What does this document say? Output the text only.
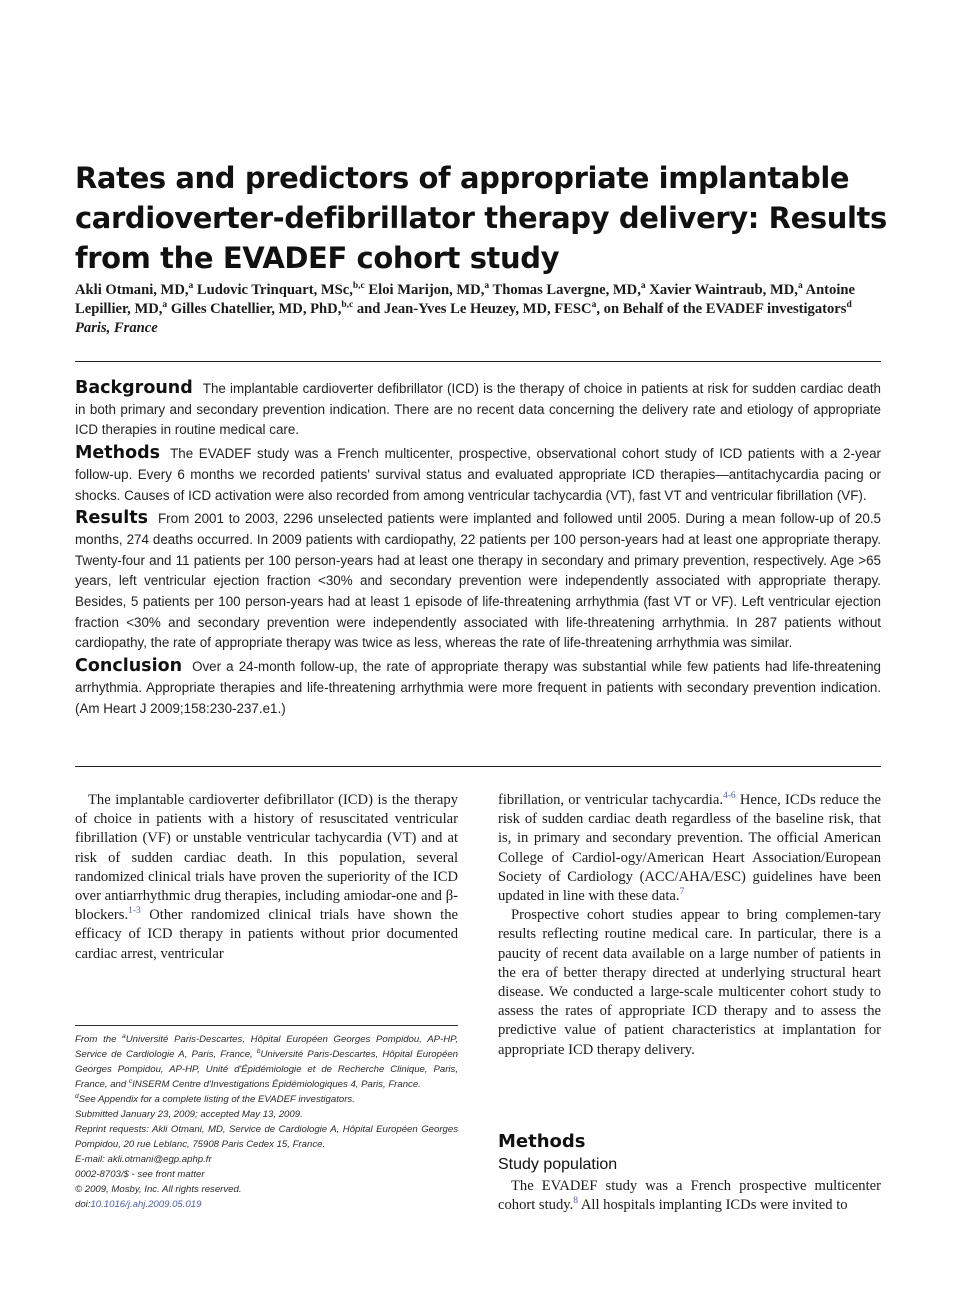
Rates and predictors of appropriate implantable cardioverter-defibrillator therapy delivery: Results from the EVADEF cohort study
Akli Otmani, MD,$^a$ Ludovic Trinquart, MSc,$^{b,c}$ Eloi Marijon, MD,$^a$ Thomas Lavergne, MD,$^a$ Xavier Waintraub, MD,$^a$ Antoine Lepillier, MD,$^a$ Gilles Chatellier, MD, PhD,$^{b,c}$ and Jean-Yves Le Heuzey, MD, FESC$^a$, on Behalf of the EVADEF investigators$^d$ Paris, France

Background The implantable cardioverter defibrillator (ICD) is the therapy of choice in patients at risk for sudden cardiac death in both primary and secondary prevention indication. There are no recent data concerning the delivery rate and etiology of appropriate ICD therapies in routine medical care.

Methods The EVADEF study was a French multicenter, prospective, observational cohort study of ICD patients with a 2-year follow-up. Every 6 months we recorded patients' survival status and evaluated appropriate ICD therapies—antitachycardia pacing or shocks. Causes of ICD activation were also recorded from among ventricular tachycardia (VT), fast VT and ventricular fibrillation (VF).

Results From 2001 to 2003, 2296 unselected patients were implanted and followed until 2005. During a mean follow-up of 20.5 months, 274 deaths occurred. In 2009 patients with cardiopathy, 22 patients per 100 person-years had at least one appropriate therapy. Twenty-four and 11 patients per 100 person-years had at least one therapy in secondary and primary prevention, respectively. Age >65 years, left ventricular ejection fraction <30% and secondary prevention were independently associated with appropriate therapy. Besides, 5 patients per 100 person-years had at least 1 episode of life-threatening arrhythmia (fast VT or VF). Left ventricular ejection fraction <30% and secondary prevention were independently associated with life-threatening arrhythmia. In 287 patients without cardiopathy, the rate of appropriate therapy was twice as less, whereas the rate of life-threatening arrhythmia was similar.

Conclusion Over a 24-month follow-up, the rate of appropriate therapy was substantial while few patients had life-threatening arrhythmia. Appropriate therapies and life-threatening arrhythmia were more frequent in patients with secondary prevention indication. (Am Heart J 2009;158:230-237.e1.)

The implantable cardioverter defibrillator (ICD) is the therapy of choice in patients with a history of resuscitated ventricular fibrillation (VF) or unstable ventricular tachycardia (VT) and at risk of sudden cardiac death. In this population, several randomized clinical trials have proven the superiority of the ICD over antiarrhythmic drug therapies, including amiodar-one and β-blockers.$^{1-3}$ Other randomized clinical trials have shown the efficacy of ICD therapy in patients without prior documented cardiac arrest, ventricular

From the $^a$Université Paris-Descartes, Hôpital Européen Georges Pompidou, AP-HP, Service de Cardiologie A, Paris, France, $^b$Université Paris-Descartes, Hôpital Européen Georges Pompidou, AP-HP, Unité d'Épidémiologie et de Recherche Clinique, Paris, France, and $^c$INSERM Centre d'Investigations Épidémiologiques 4, Paris, France.
$^d$See Appendix for a complete listing of the EVADEF investigators.
Submitted January 23, 2009; accepted May 13, 2009.
Reprint requests: Akli Otmani, MD, Service de Cardiologie A, Hôpital Européen Georges Pompidou, 20 rue Leblanc, 75908 Paris Cedex 15, France.
E-mail: akli.otmani@egp.aphp.fr
0002-8703/$ - see front matter
© 2009, Mosby, Inc. All rights reserved.
doi:10.1016/j.ahj.2009.05.019

fibrillation, or ventricular tachycardia.$^{4-6}$ Hence, ICDs reduce the risk of sudden cardiac death regardless of the baseline risk, that is, in primary and secondary prevention. The official American College of Cardiol-ogy/American Heart Association/European Society of Cardiology (ACC/AHA/ESC) guidelines have been updated in line with these data.$^7$

Prospective cohort studies appear to bring complemen-tary results reflecting routine medical care. In particular, there is a paucity of recent data available on a large number of patients in the era of better therapy directed at underlying structural heart disease. We conducted a large-scale multicenter cohort study to assess the rates of appropriate ICD therapy and to assess the predictive value of patient characteristics at implantation for appropriate ICD therapy delivery.

Methods
Study population

The EVADEF study was a French prospective multicenter cohort study.$^8$ All hospitals implanting ICDs were invited to
